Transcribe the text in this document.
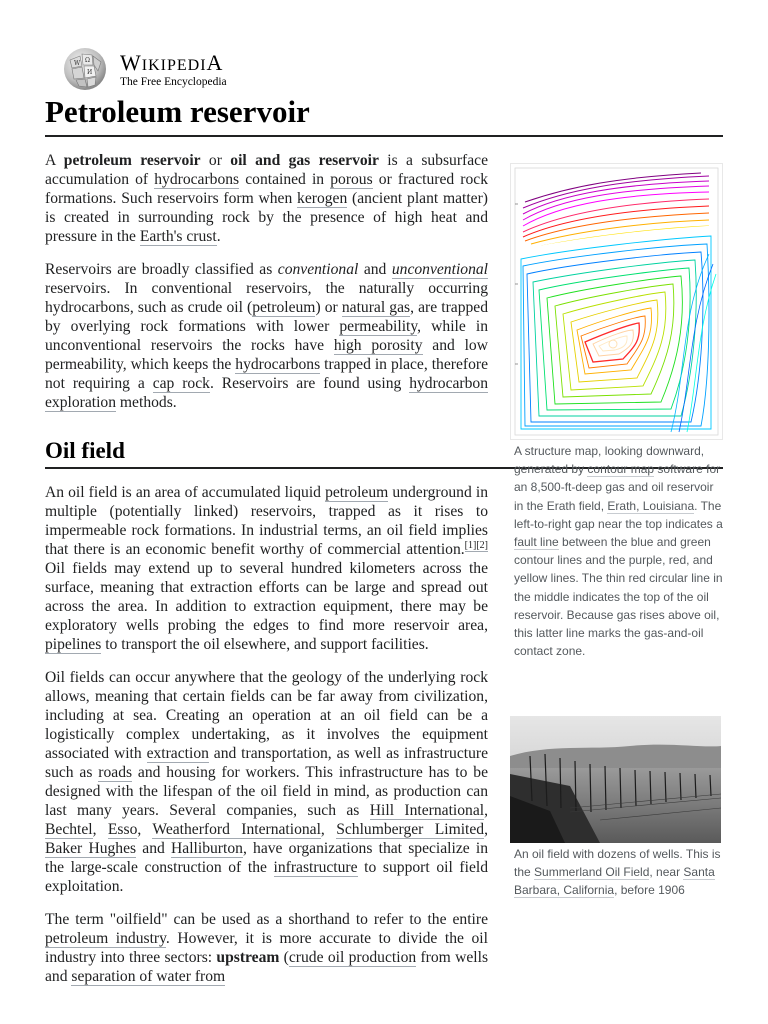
W Ω
И WIKIPEDIA
The Free Encyclopedia
Petroleum reservoir

A petroleum reservoir or oil and gas reservoir is a subsurface accumulation of hydrocarbons contained in porous or fractured rock formations. Such reservoirs form when kerogen (ancient plant matter) is created in surrounding rock by the presence of high heat and pressure in the Earth's crust.

Reservoirs are broadly classified as conventional and unconventional reservoirs. In conventional reservoirs, the naturally occurring hydrocarbons, such as crude oil (petroleum) or natural gas, are trapped by overlying rock formations with lower permeability, while in unconventional reservoirs the rocks have high porosity and low permeability, which keeps the hydrocarbons trapped in place, therefore not requiring a cap rock. Reservoirs are found using hydrocarbon exploration methods.

Oil field

An oil field is an area of accumulated liquid petroleum underground in multiple (potentially linked) reservoirs, trapped as it rises to impermeable rock formations. In industrial terms, an oil field implies that there is an economic benefit worthy of commercial attention.[1][2] Oil fields may extend up to several hundred kilometers across the surface, meaning that extraction efforts can be large and spread out across the area. In addition to extraction equipment, there may be exploratory wells probing the edges to find more reservoir area, pipelines to transport the oil elsewhere, and support facilities.

Oil fields can occur anywhere that the geology of the underlying rock allows, meaning that certain fields can be far away from civilization, including at sea. Creating an operation at an oil field can be a logistically complex undertaking, as it involves the equipment associated with extraction and transportation, as well as infrastructure such as roads and housing for workers. This infrastructure has to be designed with the lifespan of the oil field in mind, as production can last many years. Several companies, such as Hill International, Bechtel, Esso, Weatherford International, Schlumberger Limited, Baker Hughes and Halliburton, have organizations that specialize in the large-scale construction of the infrastructure to support oil field exploitation.

The term "oilfield" can be used as a shorthand to refer to the entire petroleum industry. However, it is more accurate to divide the oil industry into three sectors: upstream (crude oil production from wells and separation of water from

A structure map, looking downward, generated by contour map software for an 8,500-ft-deep gas and oil reservoir in the Erath field, Erath, Louisiana. The left-to-right gap near the top indicates a fault line between the blue and green contour lines and the purple, red, and yellow lines. The thin red circular line in the middle indicates the top of the oil reservoir. Because gas rises above oil, this latter line marks the gas-and-oil contact zone.
An oil field with dozens of wells. This is the Summerland Oil Field, near Santa Barbara, California, before 1906
